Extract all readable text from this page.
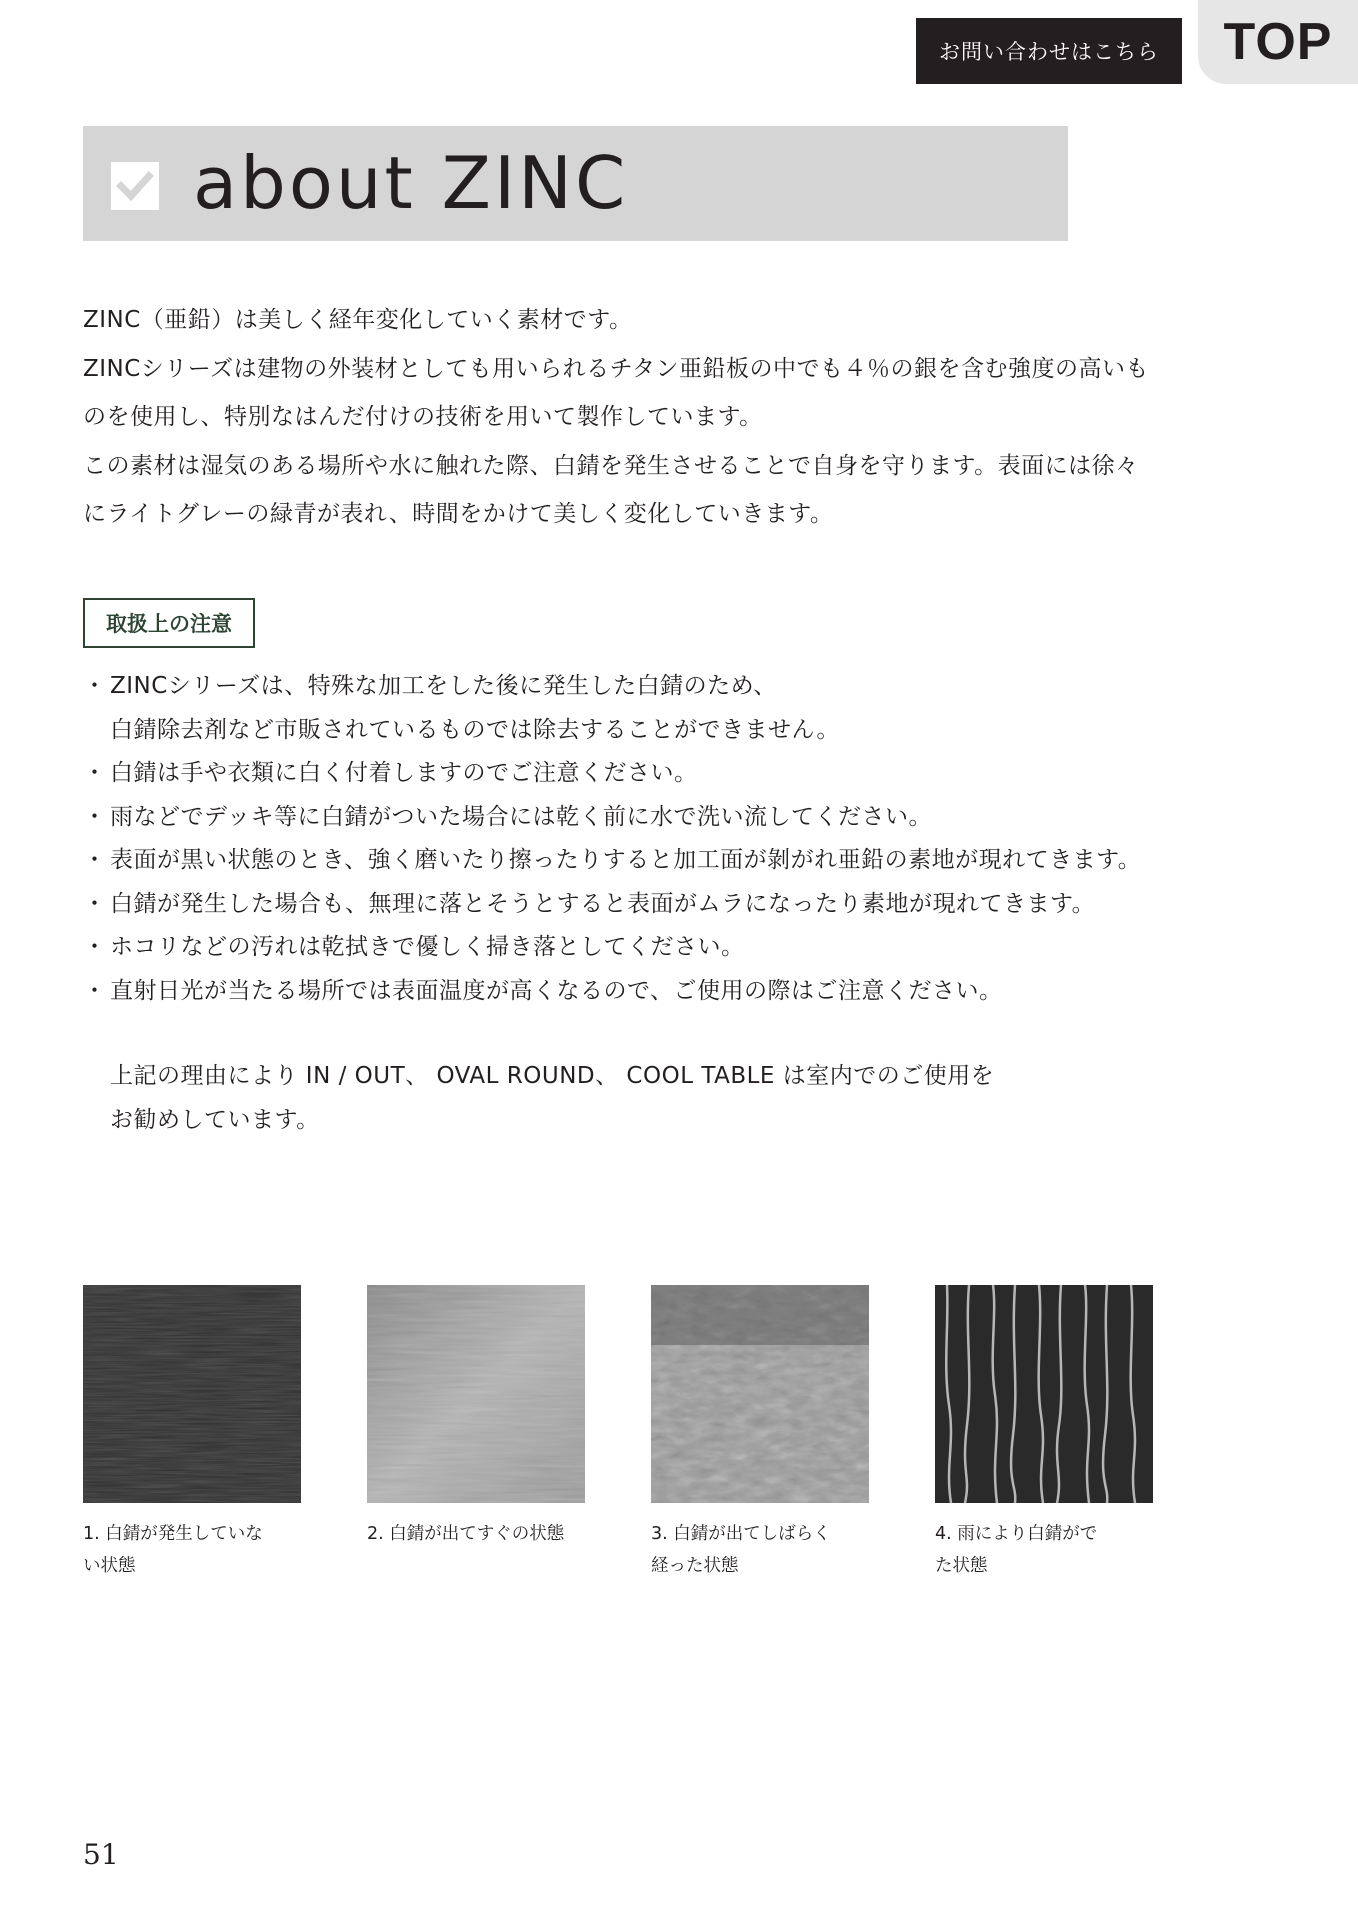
お問い合わせはこちら	TOP
about ZINC

ZINC（亜鉛）は美しく経年変化していく素材です。

ZINCシリーズは建物の外装材としても用いられるチタン亜鉛板の中でも４％の銀を含む強度の高いも

のを使用し、特別なはんだ付けの技術を用いて製作しています。

この素材は湿気のある場所や水に触れた際、白錆を発生させることで自身を守ります。表面には徐々

にライトグレーの緑青が表れ、時間をかけて美しく変化していきます。

取扱上の注意
・ ZINCシリーズは、特殊な加工をした後に発生した白錆のため、
白錆除去剤など市販されているものでは除去することができません。
・ 白錆は手や衣類に白く付着しますのでご注意ください。
・ 雨などでデッキ等に白錆がついた場合には乾く前に水で洗い流してください。
・ 表面が黒い状態のとき、強く磨いたり擦ったりすると加工面が剝がれ亜鉛の素地が現れてきます。
・ 白錆が発生した場合も、無理に落とそうとすると表面がムラになったり素地が現れてきます。
・ ホコリなどの汚れは乾拭きで優しく掃き落としてください。
・ 直射日光が当たる場所では表面温度が高くなるので、ご使用の際はご注意ください。

上記の理由により IN / OUT、 OVAL ROUND、 COOL TABLE は室内でのご使用を

お勧めしています。

1. 白錆が発生していな
い状態
2. 白錆が出てすぐの状態	3. 白錆が出てしばらく
経った状態
4. 雨により白錆がで
た状態
51
